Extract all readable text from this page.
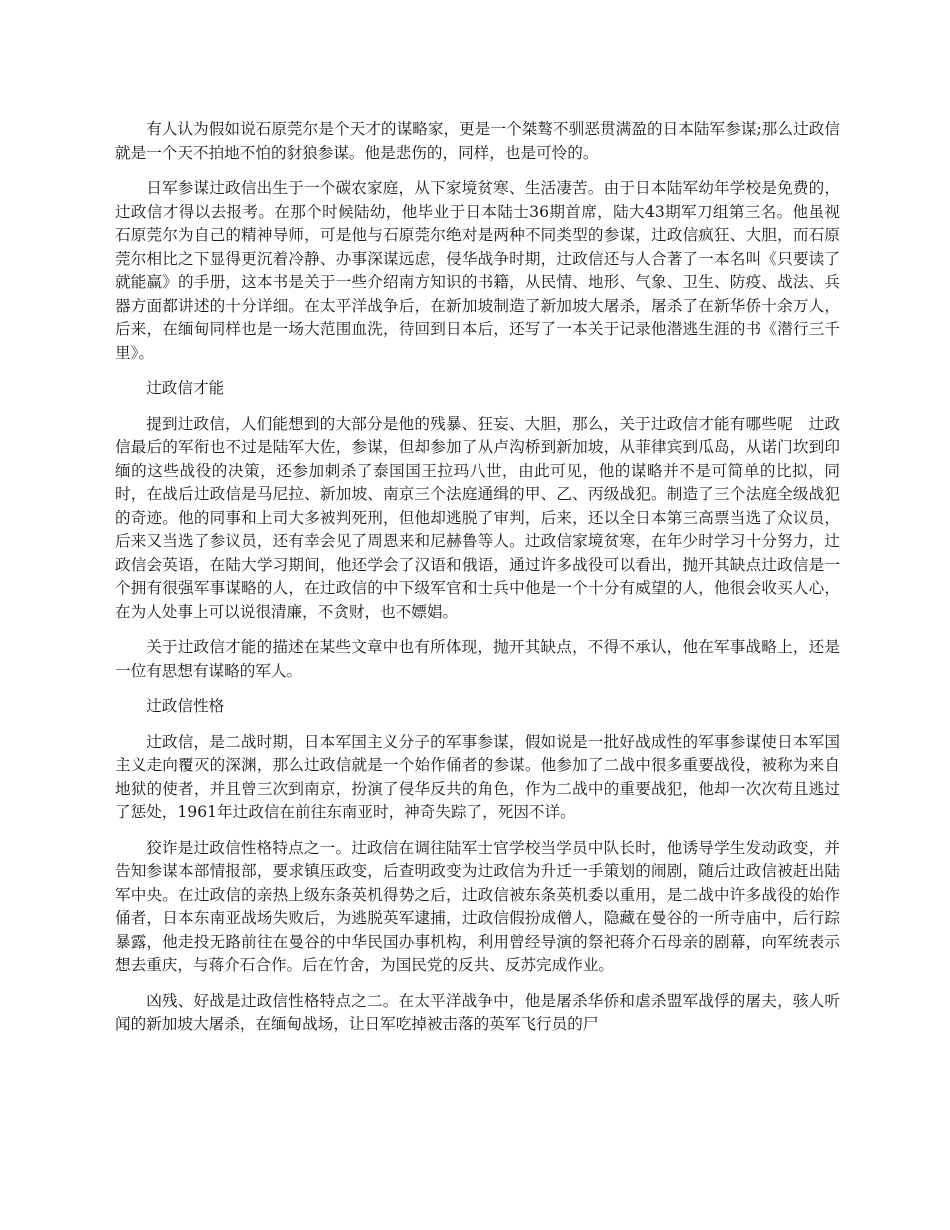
有人认为假如说石原莞尔是个天才的谋略家，更是一个桀骜不驯恶贯满盈的日本陆军参谋;那么辻政信就是一个天不拍地不怕的豺狼参谋。他是悲伤的，同样，也是可怜的。

日军参谋辻政信出生于一个碳农家庭，从下家境贫寒、生活凄苦。由于日本陆军幼年学校是免费的，辻政信才得以去报考。在那个时候陆幼，他毕业于日本陆士36期首席，陆大43期军刀组第三名。他虽视石原莞尔为自己的精神导师，可是他与石原莞尔绝对是两种不同类型的参谋，辻政信疯狂、大胆，而石原莞尔相比之下显得更沉着冷静、办事深谋远虑，侵华战争时期，辻政信还与人合著了一本名叫《只要读了就能赢》的手册，这本书是关于一些介绍南方知识的书籍，从民情、地形、气象、卫生、防疫、战法、兵器方面都讲述的十分详细。在太平洋战争后，在新加坡制造了新加坡大屠杀，屠杀了在新华侨十余万人，后来，在缅甸同样也是一场大范围血洗，待回到日本后，还写了一本关于记录他潜逃生涯的书《潜行三千里》。

辻政信才能

提到辻政信，人们能想到的大部分是他的残暴、狂妄、大胆，那么，关于辻政信才能有哪些呢　辻政信最后的军衔也不过是陆军大佐，参谋，但却参加了从卢沟桥到新加坡，从菲律宾到瓜岛，从诺门坎到印缅的这些战役的决策，还参加刺杀了泰国国王拉玛八世，由此可见，他的谋略并不是可简单的比拟，同时，在战后辻政信是马尼拉、新加坡、南京三个法庭通缉的甲、乙、丙级战犯。制造了三个法庭全级战犯的奇迹。他的同事和上司大多被判死刑，但他却逃脱了审判，后来，还以全日本第三高票当选了众议员，后来又当选了参议员，还有幸会见了周恩来和尼赫鲁等人。辻政信家境贫寒，在年少时学习十分努力，辻政信会英语，在陆大学习期间，他还学会了汉语和俄语，通过许多战役可以看出，抛开其缺点辻政信是一个拥有很强军事谋略的人，在辻政信的中下级军官和士兵中他是一个十分有威望的人，他很会收买人心，在为人处事上可以说很清廉，不贪财，也不嫖娼。

关于辻政信才能的描述在某些文章中也有所体现，抛开其缺点，不得不承认，他在军事战略上，还是一位有思想有谋略的军人。

辻政信性格

辻政信，是二战时期，日本军国主义分子的军事参谋，假如说是一批好战成性的军事参谋使日本军国主义走向覆灭的深渊，那么辻政信就是一个始作俑者的参谋。他参加了二战中很多重要战役，被称为来自地狱的使者，并且曾三次到南京，扮演了侵华反共的角色，作为二战中的重要战犯，他却一次次苟且逃过了惩处，1961年辻政信在前往东南亚时，神奇失踪了，死因不详。

狡诈是辻政信性格特点之一。辻政信在调往陆军士官学校当学员中队长时，他诱导学生发动政变，并告知参谋本部情报部，要求镇压政变，后查明政变为辻政信为升迁一手策划的闹剧，随后辻政信被赶出陆军中央。在辻政信的亲热上级东条英机得势之后，辻政信被东条英机委以重用，是二战中许多战役的始作俑者，日本东南亚战场失败后，为逃脱英军逮捕，辻政信假扮成僧人，隐藏在曼谷的一所寺庙中，后行踪暴露，他走投无路前往在曼谷的中华民国办事机构，利用曾经导演的祭祀蒋介石母亲的剧幕，向军统表示想去重庆，与蒋介石合作。后在竹舍，为国民党的反共、反苏完成作业。

凶残、好战是辻政信性格特点之二。在太平洋战争中，他是屠杀华侨和虐杀盟军战俘的屠夫，骇人听闻的新加坡大屠杀，在缅甸战场，让日军吃掉被击落的英军飞行员的尸
